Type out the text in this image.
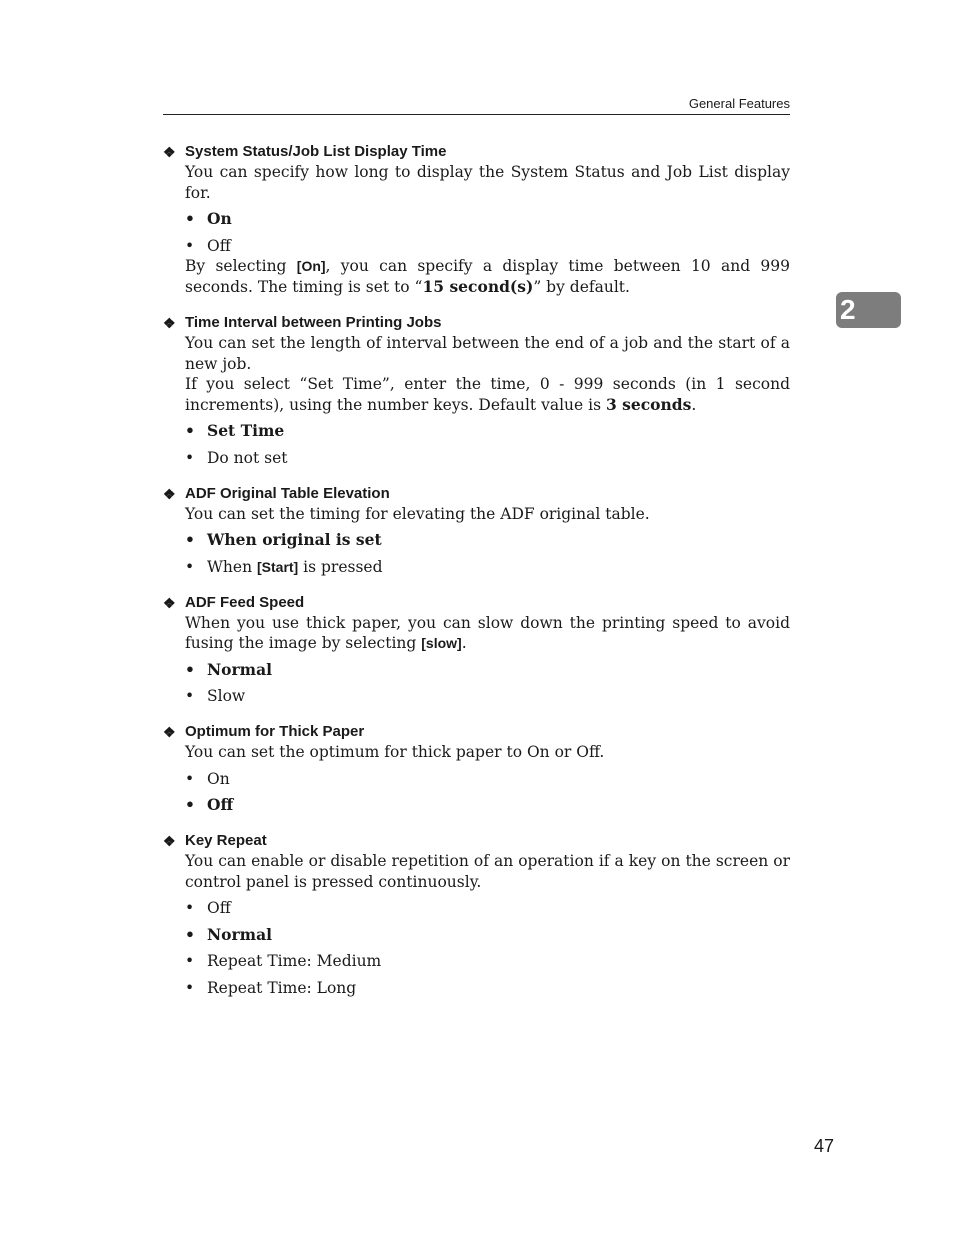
General Features
2
❖ System Status/Job List Display Time
You can specify how long to display the System Status and Job List display for.
• On
• Off
By selecting [On], you can specify a display time between 10 and 999 seconds. The timing is set to “15 second(s)” by default.
❖ Time Interval between Printing Jobs
You can set the length of interval between the end of a job and the start of a new job.
If you select “Set Time”, enter the time, 0 - 999 seconds (in 1 second increments), using the number keys. Default value is 3 seconds.
• Set Time
• Do not set
❖ ADF Original Table Elevation
You can set the timing for elevating the ADF original table.
• When original is set
• When [Start] is pressed
❖ ADF Feed Speed
When you use thick paper, you can slow down the printing speed to avoid fusing the image by selecting [slow].
• Normal
• Slow
❖ Optimum for Thick Paper
You can set the optimum for thick paper to On or Off.
• On
• Off
❖ Key Repeat
You can enable or disable repetition of an operation if a key on the screen or control panel is pressed continuously.
• Off
• Normal
• Repeat Time: Medium
• Repeat Time: Long
47
